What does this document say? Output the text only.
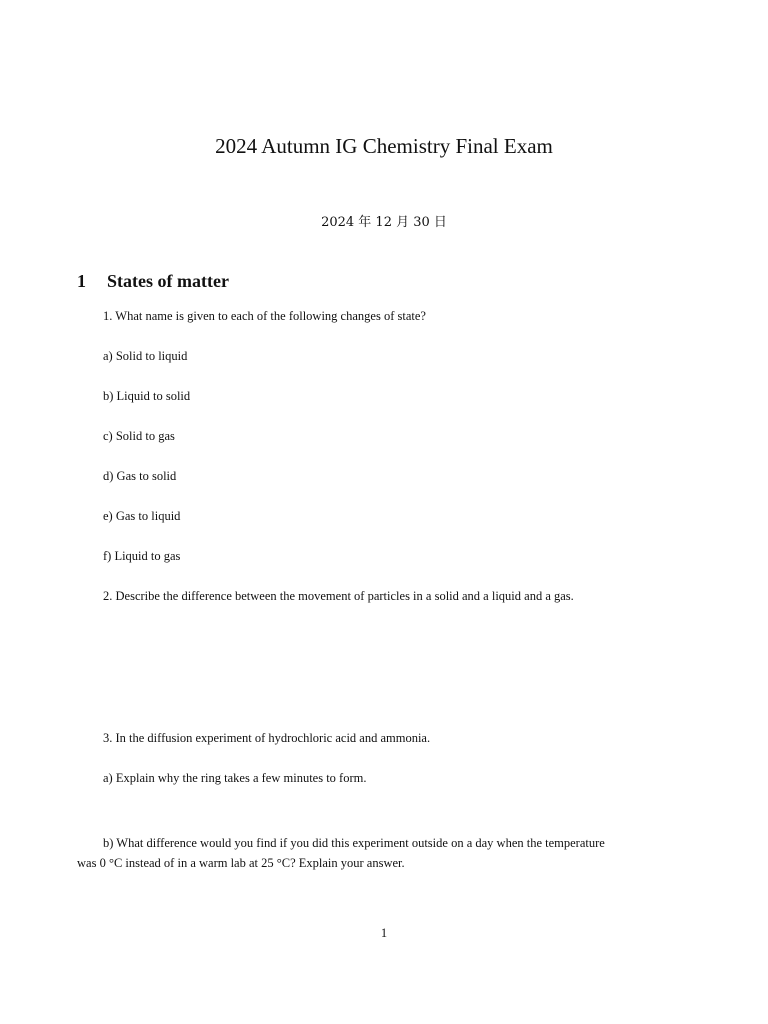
2024 Autumn IG Chemistry Final Exam
2024 年 12 月 30 日
1 States of matter
1. What name is given to each of the following changes of state?
a) Solid to liquid
b) Liquid to solid
c) Solid to gas
d) Gas to solid
e) Gas to liquid
f) Liquid to gas
2. Describe the difference between the movement of particles in a solid and a liquid and a gas.
3. In the diffusion experiment of hydrochloric acid and ammonia.
a) Explain why the ring takes a few minutes to form.
b) What difference would you find if you did this experiment outside on a day when the temperature
was 0 °C instead of in a warm lab at 25 °C? Explain your answer.
1
